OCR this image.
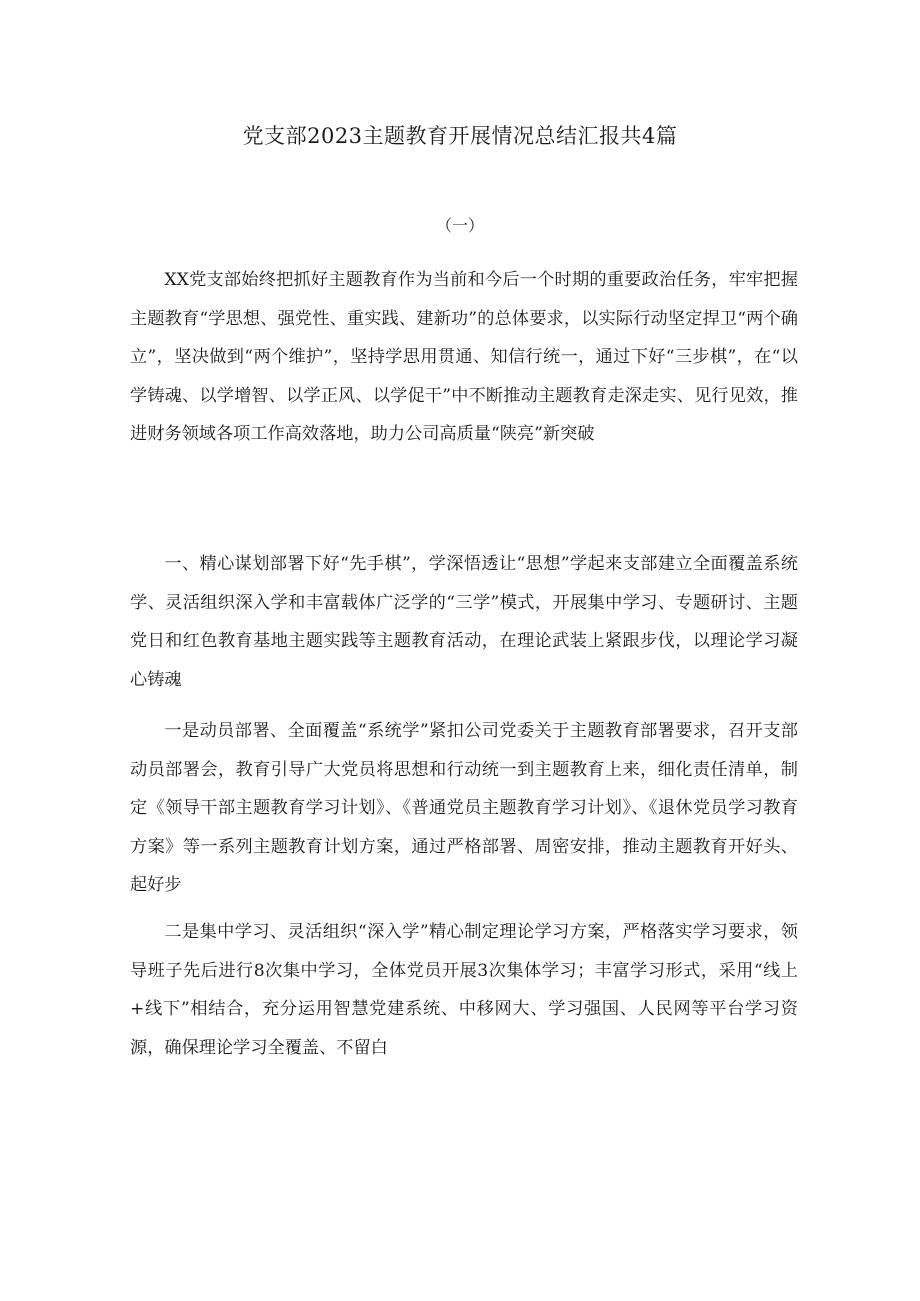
党支部2023主题教育开展情况总结汇报共4篇
（一）

XX党支部始终把抓好主题教育作为当前和今后一个时期的重要政治任务，牢牢把握主题教育“学思想、强党性、重实践、建新功”的总体要求，以实际行动坚定捍卫“两个确立”，坚决做到“两个维护”，坚持学思用贯通、知信行统一，通过下好“三步棋”，在“以学铸魂、以学增智、以学正风、以学促干”中不断推动主题教育走深走实、见行见效，推进财务领域各项工作高效落地，助力公司高质量“陕亮”新突破

一、精心谋划部署下好“先手棋”，学深悟透让“思想”学起来支部建立全面覆盖系统学、灵活组织深入学和丰富载体广泛学的“三学”模式，开展集中学习、专题研讨、主题党日和红色教育基地主题实践等主题教育活动，在理论武装上紧跟步伐，以理论学习凝心铸魂

一是动员部署、全面覆盖“系统学”紧扣公司党委关于主题教育部署要求，召开支部动员部署会，教育引导广大党员将思想和行动统一到主题教育上来，细化责任清单，制定《领导干部主题教育学习计划》、《普通党员主题教育学习计划》、《退休党员学习教育方案》等一系列主题教育计划方案，通过严格部署、周密安排，推动主题教育开好头、起好步

二是集中学习、灵活组织“深入学”精心制定理论学习方案，严格落实学习要求，领导班子先后进行8次集中学习，全体党员开展3次集体学习；丰富学习形式，采用“线上+线下”相结合，充分运用智慧党建系统、中移网大、学习强国、人民网等平台学习资源，确保理论学习全覆盖、不留白
